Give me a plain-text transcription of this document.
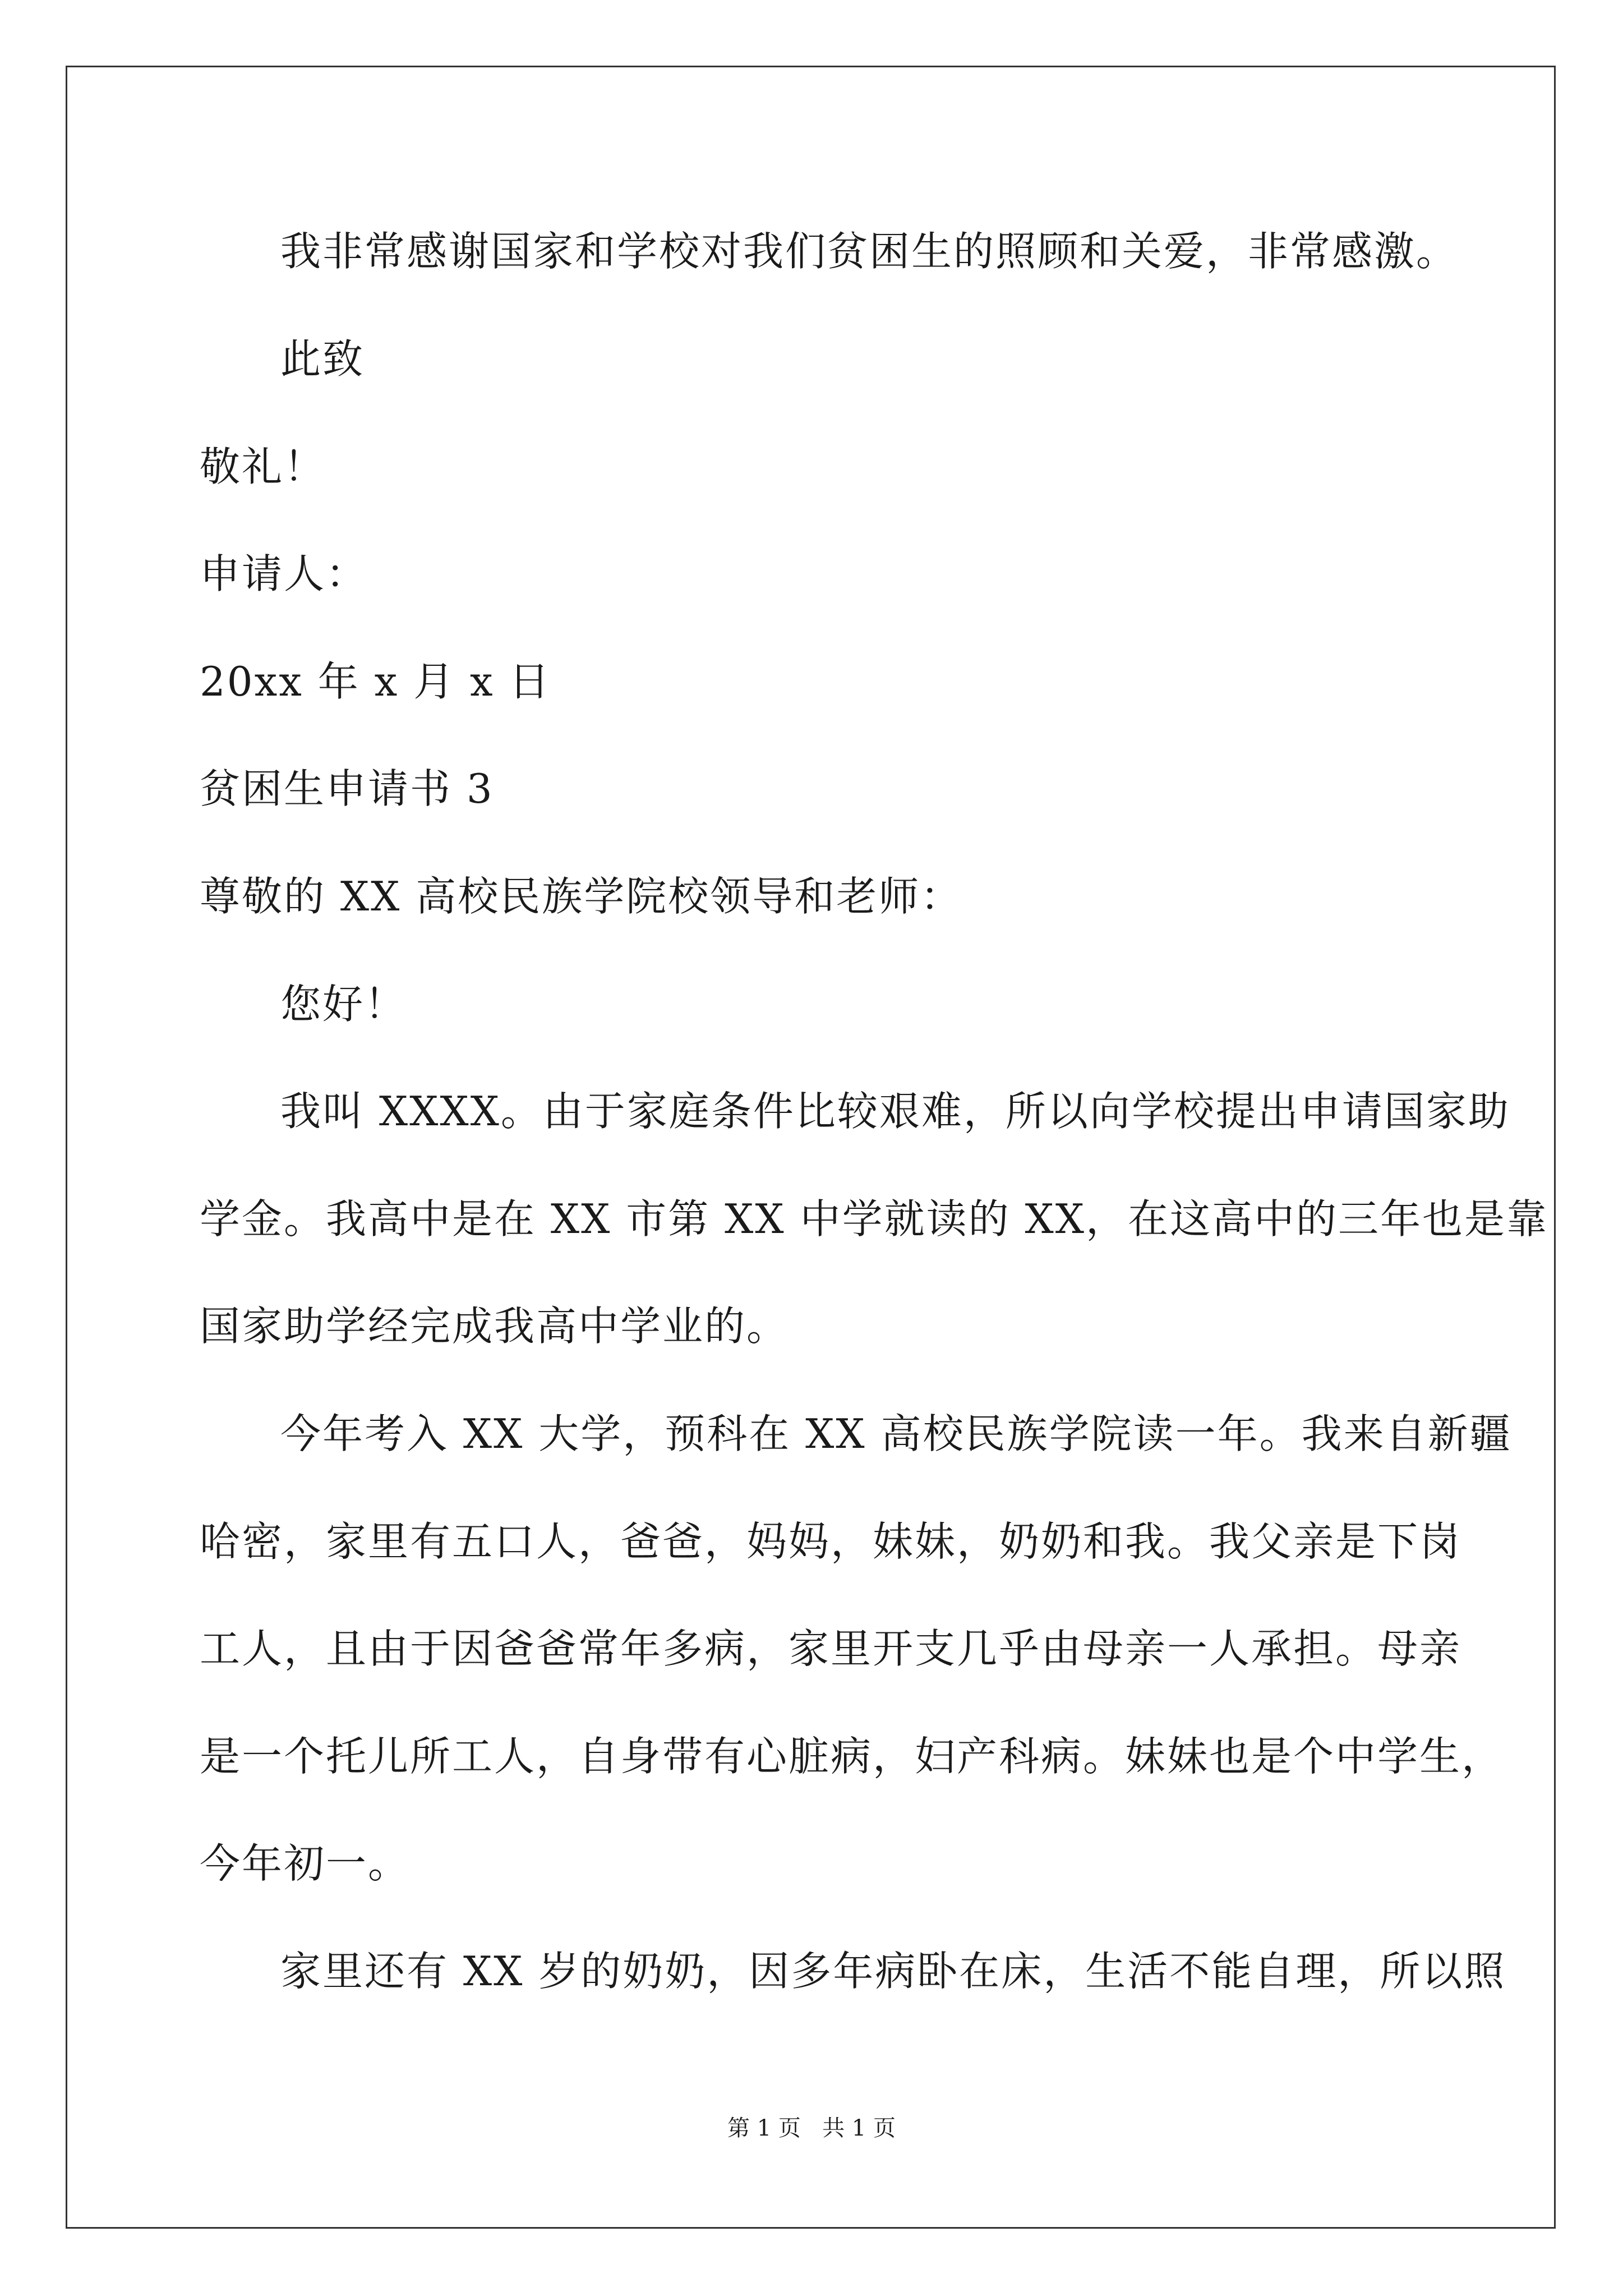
我非常感谢国家和学校对我们贫困生的照顾和关爱，非常感激。
此致
敬礼！
申请人：
20xx 年 x 月 x 日
贫困生申请书 3
尊敬的 XX 高校民族学院校领导和老师：
您好！
我叫 XXXX。由于家庭条件比较艰难，所以向学校提出申请国家助
学金。我高中是在 XX 市第 XX 中学就读的 XX，在这高中的三年也是靠
国家助学经完成我高中学业的。
今年考入 XX 大学，预科在 XX 高校民族学院读一年。我来自新疆
哈密，家里有五口人，爸爸，妈妈，妹妹，奶奶和我。我父亲是下岗
工人，且由于因爸爸常年多病，家里开支几乎由母亲一人承担。母亲
是一个托儿所工人，自身带有心脏病，妇产科病。妹妹也是个中学生，
今年初一。
家里还有 XX 岁的奶奶，因多年病卧在床，生活不能自理，所以照
第 1 页   共 1 页
